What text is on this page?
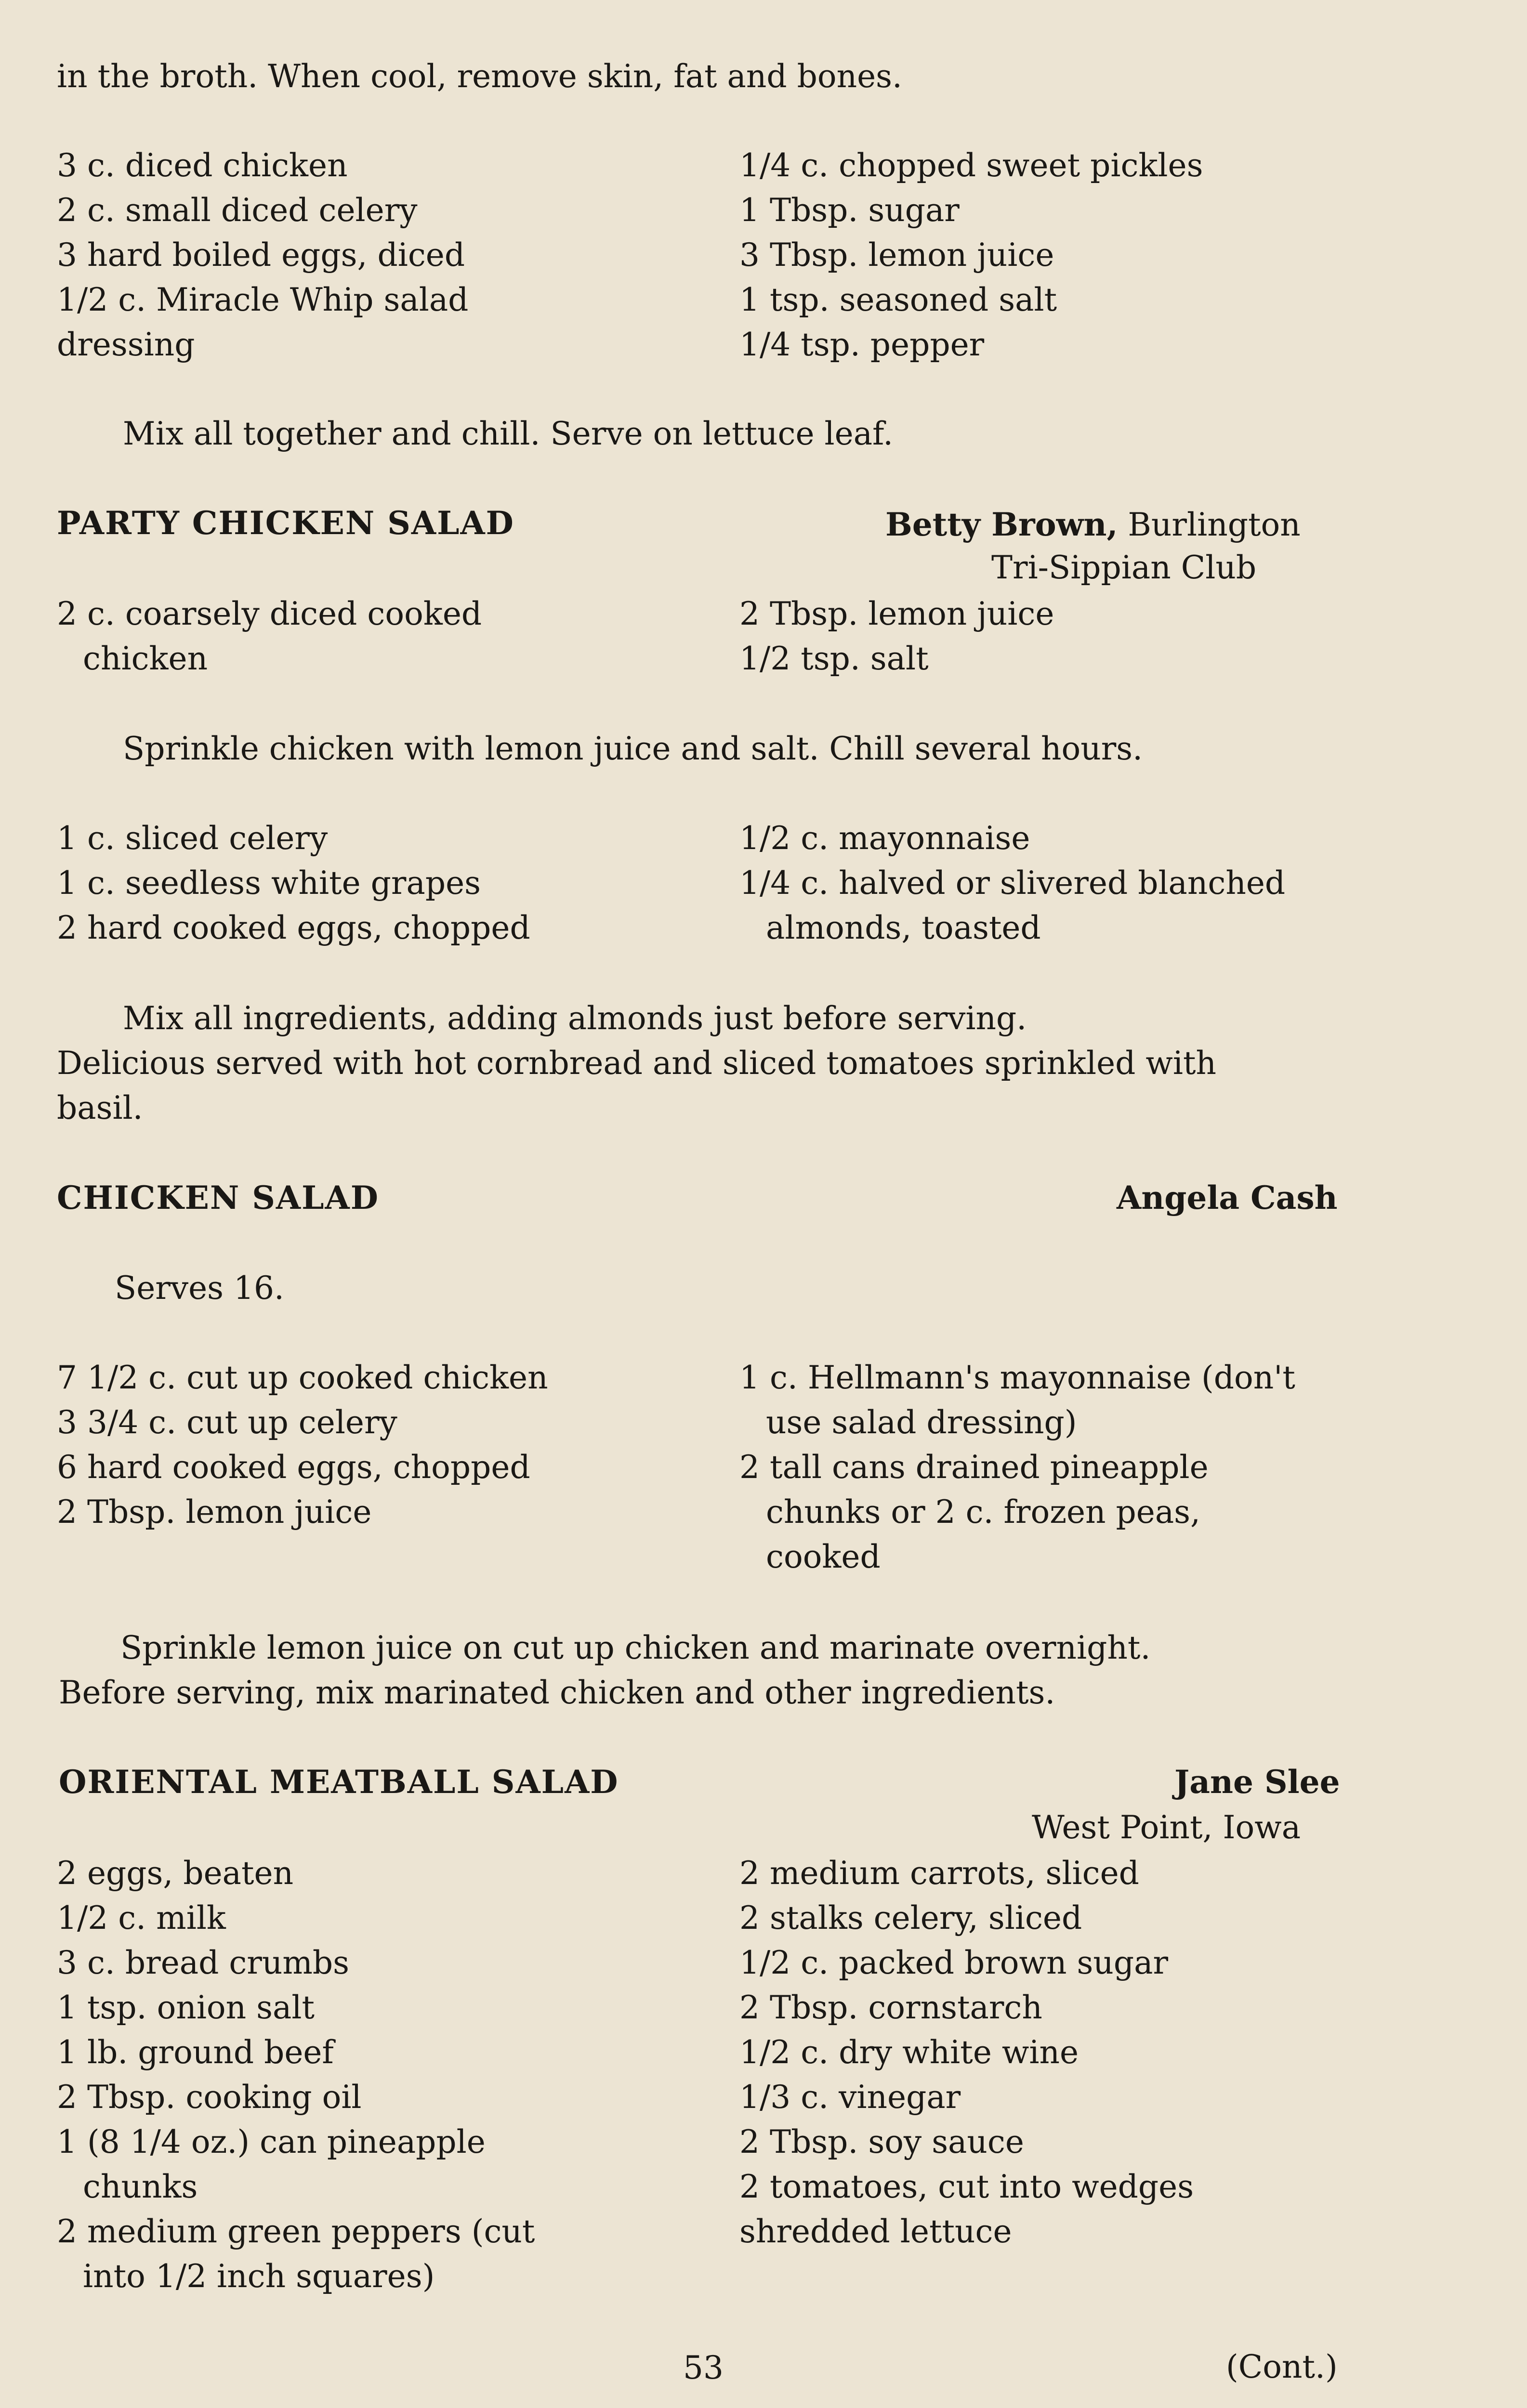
in the broth. When cool, remove skin, fat and bones.
3 c. diced chicken
2 c. small diced celery
3 hard boiled eggs, diced
1/2 c. Miracle Whip salad
dressing
1/4 c. chopped sweet pickles
1 Tbsp. sugar
3 Tbsp. lemon juice
1 tsp. seasoned salt
1/4 tsp. pepper
Mix all together and chill. Serve on lettuce leaf.
PARTY CHICKEN SALAD	Betty Brown, Burlington
Tri-Sippian Club
2 c. coarsely diced cooked
chicken
2 Tbsp. lemon juice
1/2 tsp. salt
Sprinkle chicken with lemon juice and salt. Chill several hours.
1 c. sliced celery
1 c. seedless white grapes
2 hard cooked eggs, chopped
1/2 c. mayonnaise
1/4 c. halved or slivered blanched
almonds, toasted
Mix all ingredients, adding almonds just before serving.
Delicious served with hot cornbread and sliced tomatoes sprinkled with
basil.
CHICKEN SALAD	Angela Cash
Serves 16.
7 1/2 c. cut up cooked chicken
3 3/4 c. cut up celery
6 hard cooked eggs, chopped
2 Tbsp. lemon juice
1 c. Hellmann's mayonnaise (don't
use salad dressing)
2 tall cans drained pineapple
chunks or 2 c. frozen peas,
cooked
Sprinkle lemon juice on cut up chicken and marinate overnight.
Before serving, mix marinated chicken and other ingredients.
ORIENTAL MEATBALL SALAD	Jane Slee
West Point, Iowa
2 eggs, beaten
1/2 c. milk
3 c. bread crumbs
1 tsp. onion salt
1 lb. ground beef
2 Tbsp. cooking oil
1 (8 1/4 oz.) can pineapple
chunks
2 medium green peppers (cut
into 1/2 inch squares)
2 medium carrots, sliced
2 stalks celery, sliced
1/2 c. packed brown sugar
2 Tbsp. cornstarch
1/2 c. dry white wine
1/3 c. vinegar
2 Tbsp. soy sauce
2 tomatoes, cut into wedges
shredded lettuce
53	(Cont.)
